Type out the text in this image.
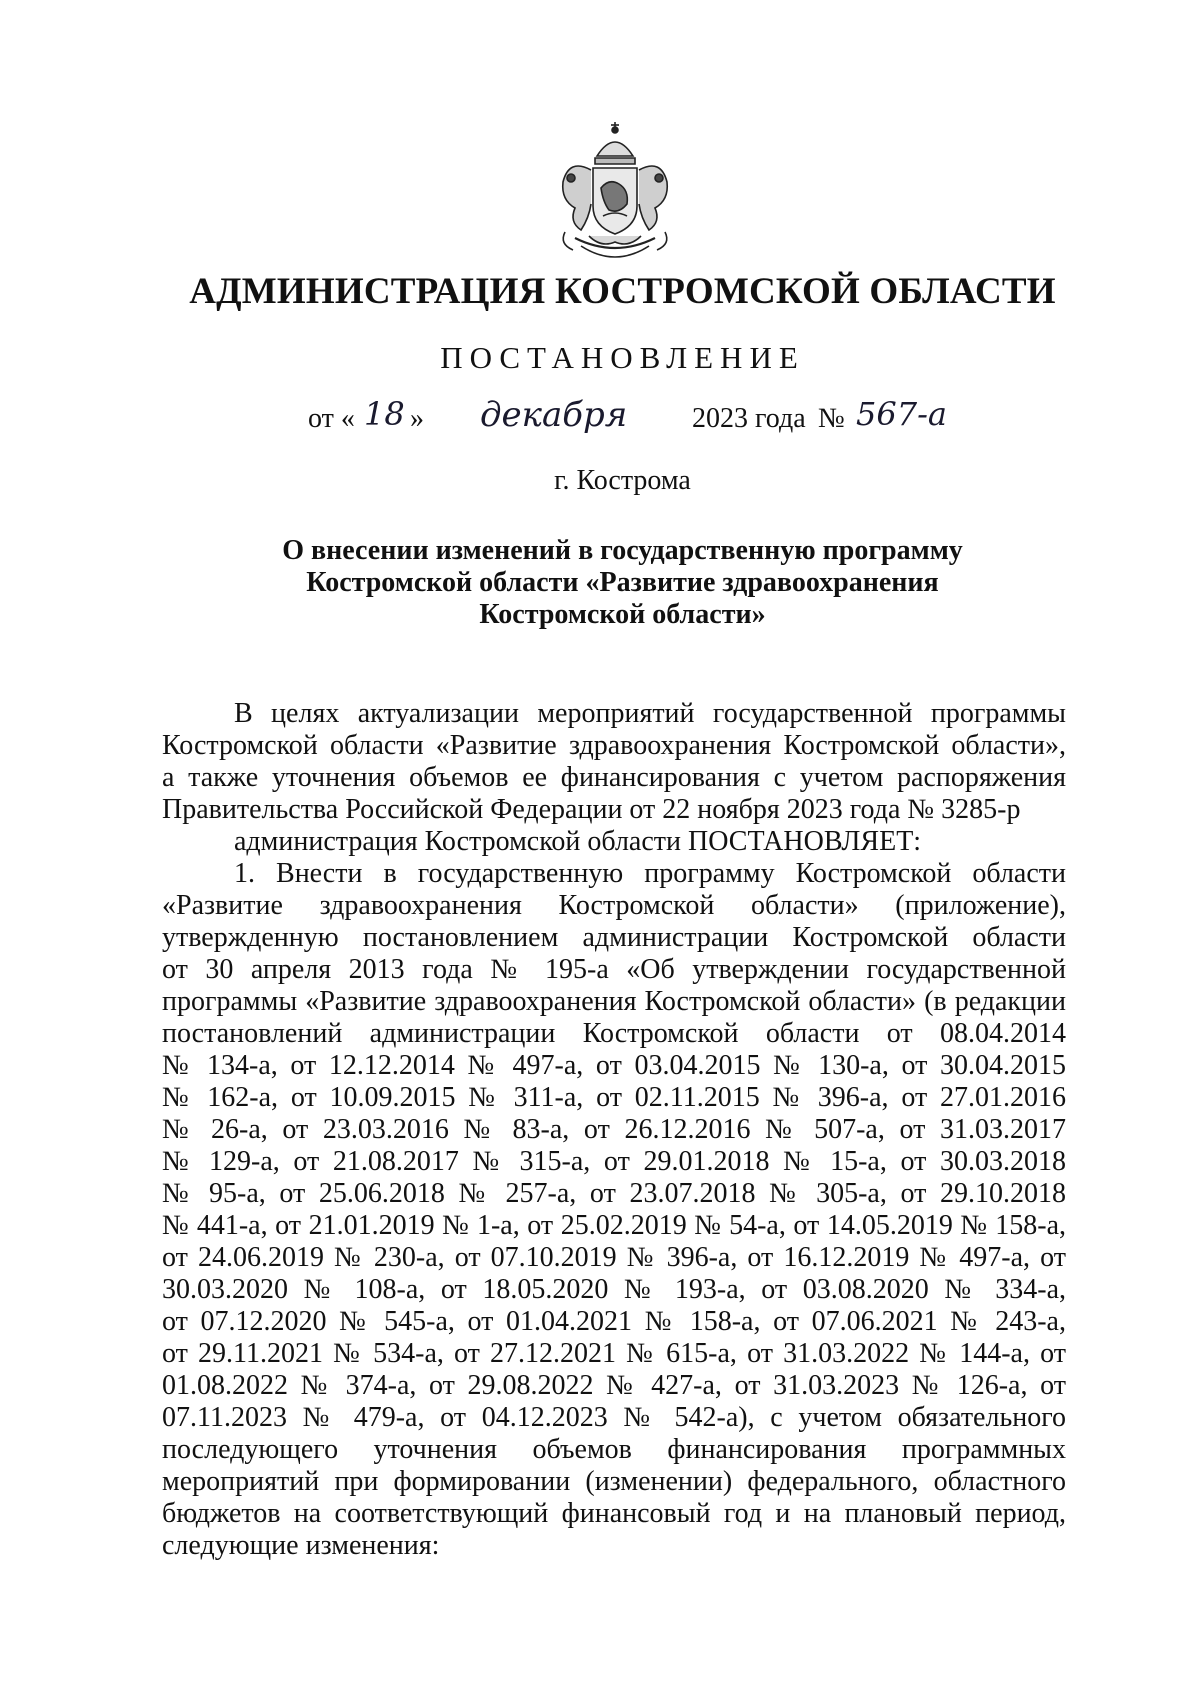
АДМИНИСТРАЦИЯ КОСТРОМСКОЙ ОБЛАСТИ
ПОСТАНОВЛЕНИЕ
от « 18 » декабря 2023 года № 567-а
г. Кострома
О внесении изменений в государственную программу
Костромской области «Развитие здравоохранения
Костромской области»
В целях актуализации мероприятий государственной программы
Костромской области «Развитие здравоохранения Костромской области»,
а также уточнения объемов ее финансирования с учетом распоряжения
Правительства Российской Федерации от 22 ноября 2023 года № 3285-р
администрация Костромской области ПОСТАНОВЛЯЕТ:
1. Внести в государственную программу Костромской области
«Развитие здравоохранения Костромской области» (приложение),
утвержденную постановлением администрации Костромской области
от 30 апреля 2013 года № 195-а «Об утверждении государственной
программы «Развитие здравоохранения Костромской области» (в редакции
постановлений администрации Костромской области от 08.04.2014
№ 134-а, от 12.12.2014 № 497-а, от 03.04.2015 № 130-а, от 30.04.2015
№ 162-а, от 10.09.2015 № 311-а, от 02.11.2015 № 396-а, от 27.01.2016
№ 26-а, от 23.03.2016 № 83-а, от 26.12.2016 № 507-а, от 31.03.2017
№ 129-а, от 21.08.2017 № 315-а, от 29.01.2018 № 15-а, от 30.03.2018
№ 95-а, от 25.06.2018 № 257-а, от 23.07.2018 № 305-а, от 29.10.2018
№ 441-а, от 21.01.2019 № 1-а, от 25.02.2019 № 54-а, от 14.05.2019 № 158-а,
от 24.06.2019 № 230-а, от 07.10.2019 № 396-а, от 16.12.2019 № 497-а, от
30.03.2020 № 108-а, от 18.05.2020 № 193-а, от 03.08.2020 № 334-а,
от 07.12.2020 № 545-а, от 01.04.2021 № 158-а, от 07.06.2021 № 243-а,
от 29.11.2021 № 534-а, от 27.12.2021 № 615-а, от 31.03.2022 № 144-а, от
01.08.2022 № 374-а, от 29.08.2022 № 427-а, от 31.03.2023 № 126-а, от
07.11.2023 № 479-а, от 04.12.2023 № 542-а), с учетом обязательного
последующего уточнения объемов финансирования программных
мероприятий при формировании (изменении) федерального, областного
бюджетов на соответствующий финансовый год и на плановый период,
следующие изменения:
